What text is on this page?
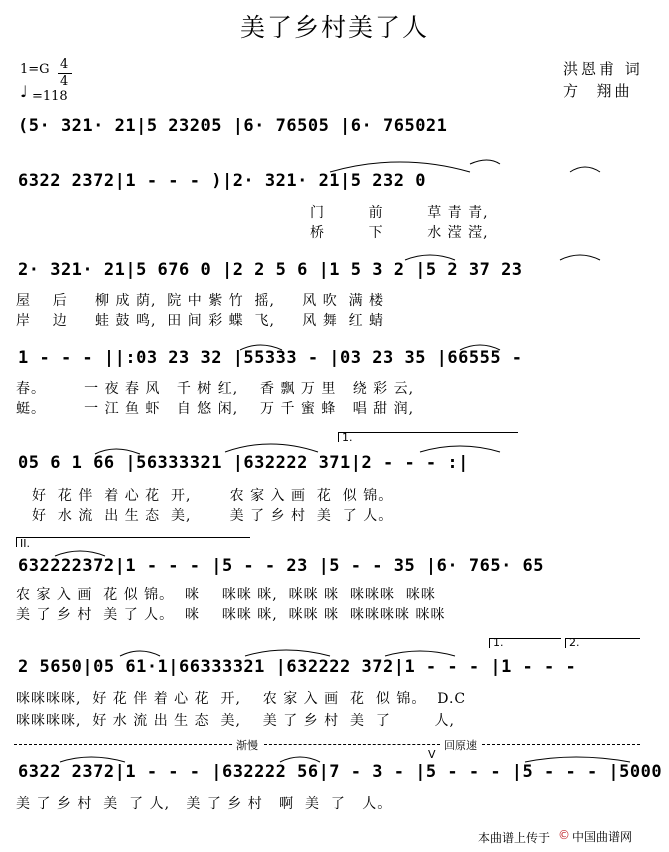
美了乡村美了人
1=G 4
4
♩ =118
洪恩甫 词
方  翔曲
(5· 321· 21|5 23205 |6· 76505 |6· 765021
6322 2372|1 - - - )|2· 321· 21|5 232 0
门        前        草 青 青,
桥        下        水 滢 滢,
2· 321· 21|5 676 0 |2 2 5 6 |1 5 3 2 |5 2 37 23
屋    后     柳 成 荫,  院 中 紫 竹  摇,     风 吹  满 楼
岸    边     蛙 鼓 鸣,  田 间 彩 蝶  飞,     风 舞  红 蜻
1 - - - ||:03 23 32 |55333 - |03 23 35 |66555 -
春。       一 夜 春 风   千 树 红,    香 飘 万 里   绕 彩 云,
蜓。       一 江 鱼 虾   自 悠 闲,    万 千 蜜 蜂   唱 甜 润,
1.
05 6 1 66 |56333321 |632222 371|2 - - - :|
好  花 伴  着 心 花  开,       农 家 入 画  花  似 锦。
好  水 流  出 生 态  美,       美 了 乡 村  美  了 人。
II.
632222372|1 - - - |5 - - 23 |5 - - 35 |6· 765· 65
农 家 入 画  花 似 锦。  咪    咪咪 咪,  咪咪 咪  咪咪咪  咪咪
美 了 乡 村  美 了 人。  咪    咪咪 咪,  咪咪 咪  咪咪咪咪 咪咪
1.	2.
2 5650|05 61·1|66333321 |632222 372|1 - - - |1 - - -
咪咪咪咪,  好 花 伴 着 心 花  开,    农 家 入 画  花  似 锦。  D.C
咪咪咪咪,  好 水 流 出 生 态  美,    美 了 乡 村  美  了        人,
渐慢	回原速
V
6322 2372|1 - - - |632222 56|7 - 3 - |5 - - - |5 - - - |5000
美 了 乡 村  美  了 人,   美 了 乡 村   啊  美  了   人。
本曲谱上传于 © 中国曲谱网
